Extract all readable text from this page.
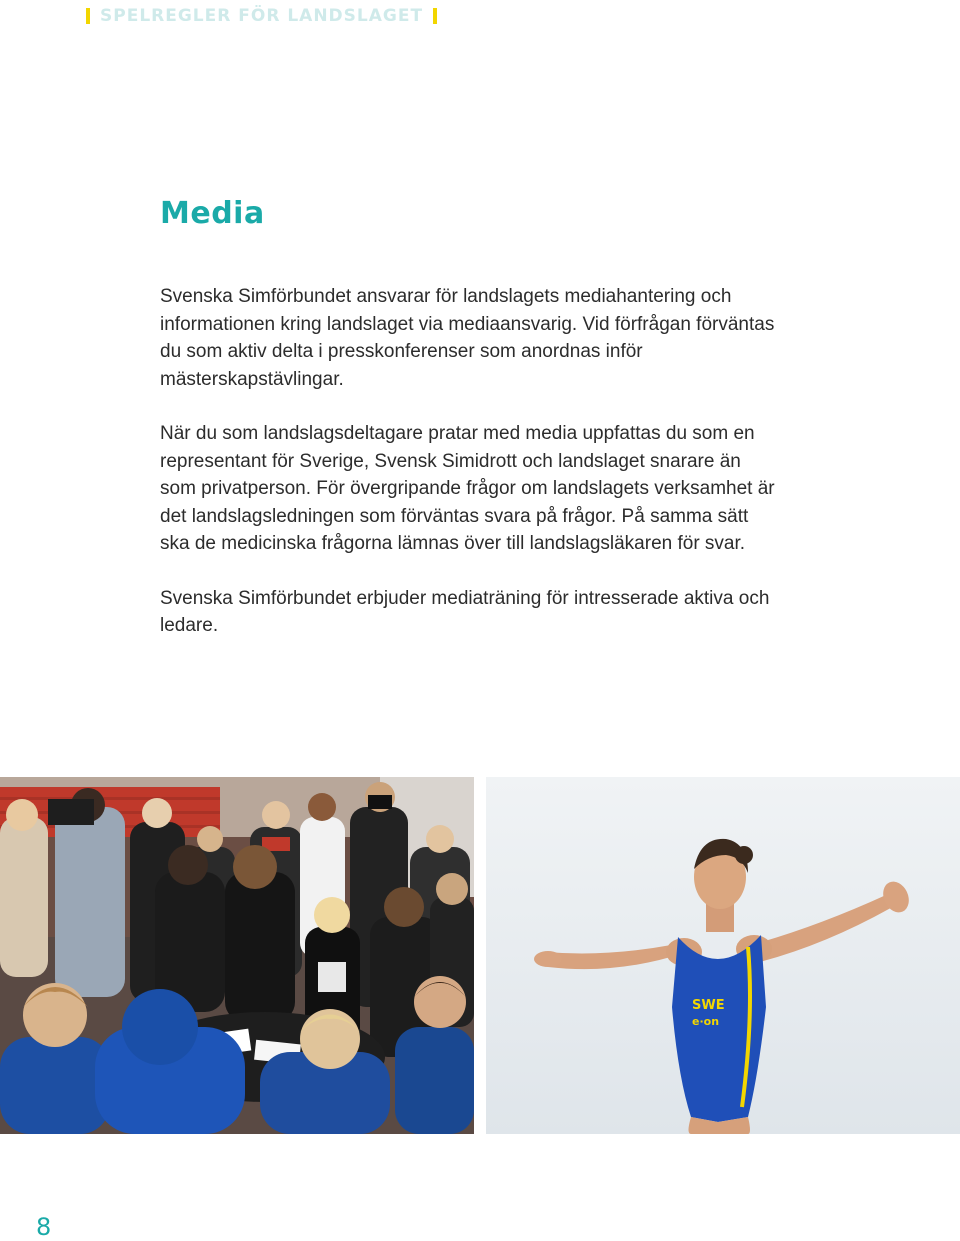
SPELREGLER FÖR LANDSLAGET
Media

Svenska Simförbundet ansvarar för landslagets mediahantering och informationen kring landslaget via mediaansvarig. Vid förfrågan förväntas du som aktiv delta i presskonferenser som anordnas inför mästerskapstävlingar.

När du som landslagsdeltagare pratar med media uppfattas du som en representant för Sverige, Svensk Simidrott och landslaget snarare än som privatperson. För övergripande frågor om landslagets verksamhet är det landslagsledningen som förväntas svara på frågor. På samma sätt ska de medicinska frågorna lämnas över till landslagsläkaren för svar.

Svenska Simförbundet erbjuder mediaträning för intresserade aktiva och ledare.

SWE
e·on
8
